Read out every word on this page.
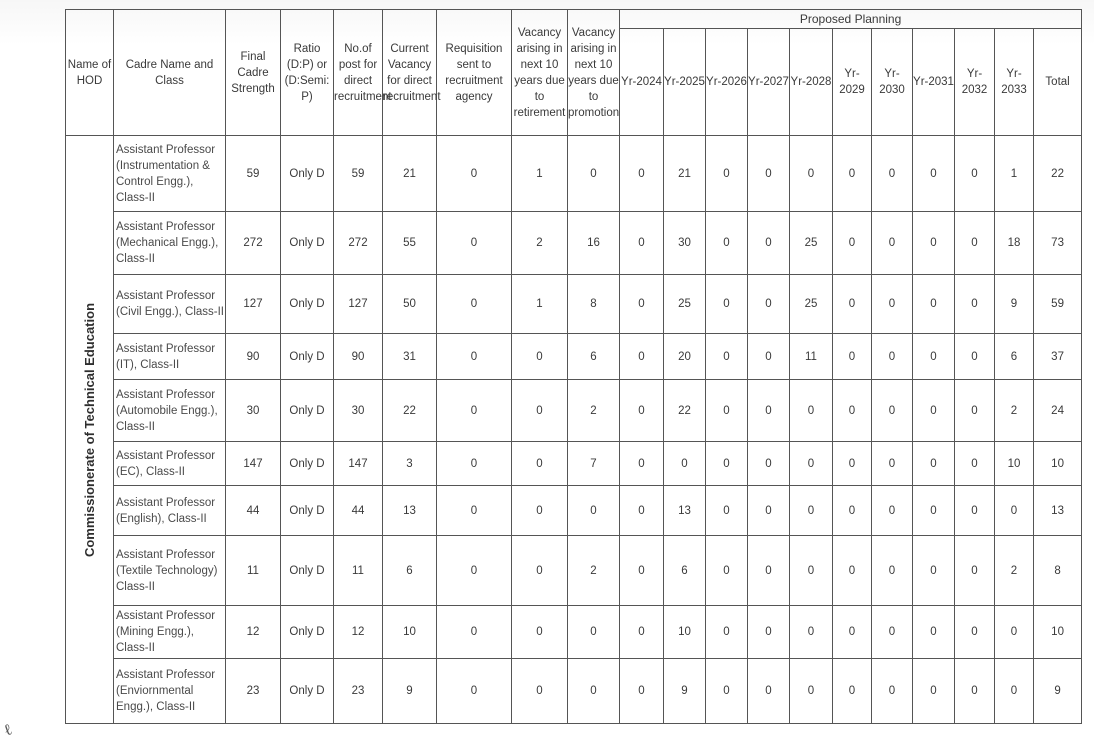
Name of HOD	Cadre Name and Class	Final Cadre Strength	Ratio (D:P) or (D:Semi: P)	No.of post for direct recruitment	Current Vacancy for direct recruitment	Requisition sent to recruitment agency	Vacancy arising in next 10 years due to retirement	Vacancy arising in next 10 years due to promotion	Proposed Planning										
									Yr-2024	Yr-2025	Yr-2026	Yr-2027	Yr-2028	Yr-2029	Yr-2030	Yr-2031	Yr-2032	Yr-2033	Total

Commissionerate of Technical Education	Assistant Professor (Instrumentation & Control Engg.), Class-II	59	Only D	59	21	0	1	0	0	21	0	0	0	0	0	0	0	1	22
	Assistant Professor (Mechanical Engg.), Class-II	272	Only D	272	55	0	2	16	0	30	0	0	25	0	0	0	0	18	73
	Assistant Professor (Civil Engg.), Class-II	127	Only D	127	50	0	1	8	0	25	0	0	25	0	0	0	0	9	59
	Assistant Professor (IT), Class-II	90	Only D	90	31	0	0	6	0	20	0	0	11	0	0	0	0	6	37
	Assistant Professor (Automobile Engg.), Class-II	30	Only D	30	22	0	0	2	0	22	0	0	0	0	0	0	0	2	24
	Assistant Professor (EC), Class-II	147	Only D	147	3	0	0	7	0	0	0	0	0	0	0	0	0	10	10
	Assistant Professor (English), Class-II	44	Only D	44	13	0	0	0	0	13	0	0	0	0	0	0	0	0	13
	Assistant Professor (Textile Technology) Class-II	11	Only D	11	6	0	0	2	0	6	0	0	0	0	0	0	0	2	8
	Assistant Professor (Mining Engg.), Class-II	12	Only D	12	10	0	0	0	0	10	0	0	0	0	0	0	0	0	10
	Assistant Professor (Enviornmental Engg.), Class-II	23	Only D	23	9	0	0	0	0	9	0	0	0	0	0	0	0	0	9
ℓ
